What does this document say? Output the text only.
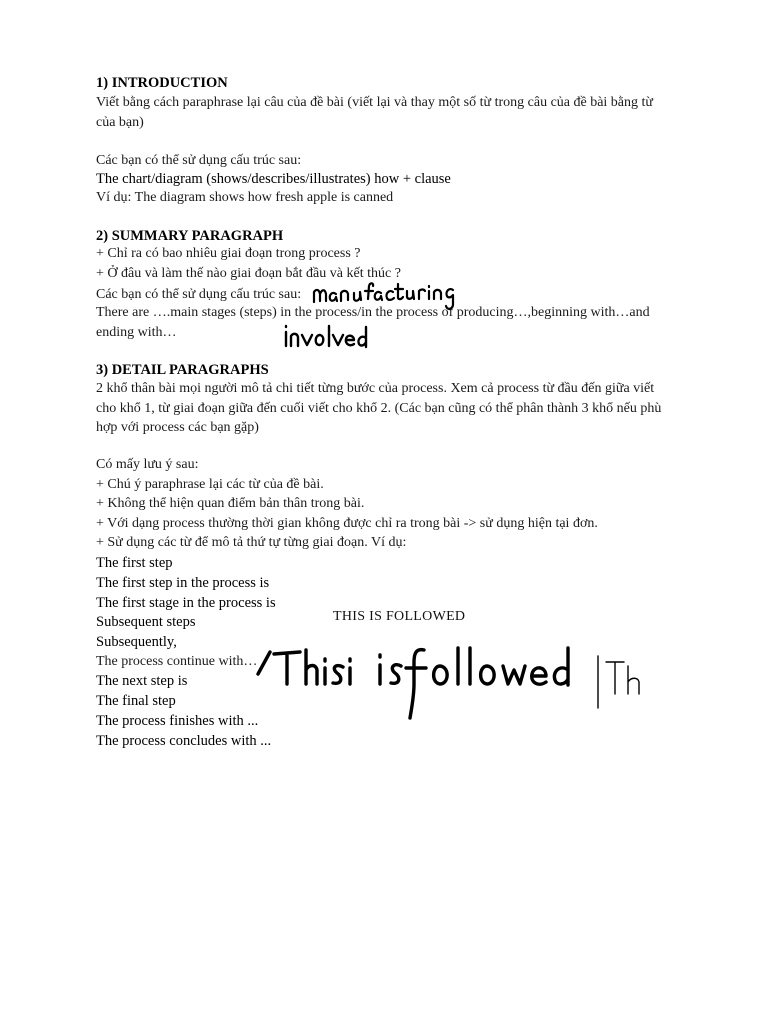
1) INTRODUCTION

Viết bằng cách paraphrase lại câu của đề bài (viết lại và thay một số từ trong câu của đề bài bằng từ

của bạn)

Các bạn có thể sử dụng cấu trúc sau:

The chart/diagram (shows/describes/illustrates) how + clause

Ví dụ: The diagram shows how fresh apple is canned

2) SUMMARY PARAGRAPH

+ Chỉ ra có bao nhiêu giai đoạn trong process ?

+ Ở đâu và làm thế nào giai đoạn bắt đầu và kết thúc ?

Các bạn có thể sử dụng cấu trúc sau:

There are ….main stages (steps) in the process/in the process of producing…,beginning with…and

ending with…

3) DETAIL PARAGRAPHS

2 khổ thân bài mọi người mô tả chi tiết từng bước của process. Xem cả process từ đầu đến giữa viết

cho khổ 1, từ giai đoạn giữa đến cuối viết cho khổ 2. (Các bạn cũng có thể phân thành 3 khổ nếu phù

hợp với process các bạn gặp)

Có mấy lưu ý sau:

+ Chú ý paraphrase lại các từ của đề bài.

+ Không thể hiện quan điểm bản thân trong bài.

+ Với dạng process thường thời gian không được chỉ ra trong bài -> sử dụng hiện tại đơn.

+ Sử dụng các từ để mô tả thứ tự từng giai đoạn. Ví dụ:

The first step

The first step in the process is

The first stage in the process is

Subsequent steps

Subsequently,

The process continue with…

The next step is

The final step

The process finishes with ...

The process concludes with ...

THIS IS FOLLOWED
